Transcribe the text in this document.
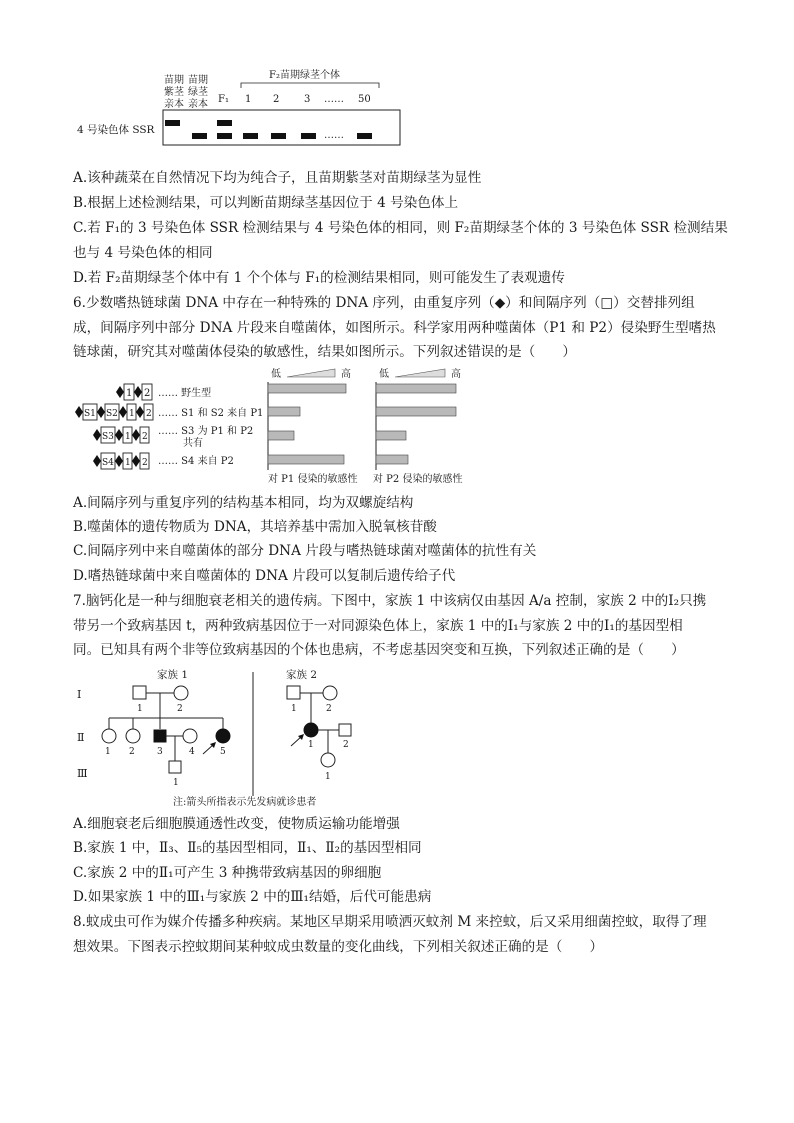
苗期
紫茎
亲本
苗期
绿茎
亲本 F₁
F₂苗期绿茎个体
1 2 3 …… 50
4 号染色体 SSR	……
A.该种蔬菜在自然情况下均为纯合子，且苗期紫茎对苗期绿茎为显性
B.根据上述检测结果，可以判断苗期绿茎基因位于 4 号染色体上
C.若 F₁的 3 号染色体 SSR 检测结果与 4 号染色体的相同，则 F₂苗期绿茎个体的 3 号染色体 SSR 检测结果
也与 4 号染色体的相同
D.若 F₂苗期绿茎个体中有 1 个个体与 F₁的检测结果相同，则可能发生了表观遗传
6.少数嗜热链球菌 DNA 中存在一种特殊的 DNA 序列，由重复序列（◆）和间隔序列（□）交替排列组
成，间隔序列中部分 DNA 片段来自噬菌体，如图所示。科学家用两种噬菌体（P1 和 P2）侵染野生型嗜热
链球菌，研究其对噬菌体侵染的敏感性，结果如图所示。下列叙述错误的是（　　）
1 2 …… 野生型
S1 S2 1 2 …… S1 和 S2 来自 P1
S3 1 2 …… S3 为 P1 和 P2
共有
S4 1 2 …… S4 来自 P2
低	高
对 P1 侵染的敏感性
低	高
对 P2 侵染的敏感性
A.间隔序列与重复序列的结构基本相同，均为双螺旋结构
B.噬菌体的遗传物质为 DNA，其培养基中需加入脱氧核苷酸
C.间隔序列中来自噬菌体的部分 DNA 片段与嗜热链球菌对噬菌体的抗性有关
D.嗜热链球菌中来自噬菌体的 DNA 片段可以复制后遗传给子代
7.脑钙化是一种与细胞衰老相关的遗传病。下图中，家族 1 中该病仅由基因 A/a 控制，家族 2 中的Ⅰ₂只携
带另一个致病基因 t，两种致病基因位于一对同源染色体上，家族 1 中的Ⅰ₁与家族 2 中的Ⅰ₁的基因型相
同。已知具有两个非等位致病基因的个体也患病，不考虑基因突变和互换，下列叙述正确的是（　　）
Ⅰ
Ⅱ
Ⅲ
家族 1
1	2
1 2 3	4	5
1
家族 2
1	2
1	2
1
注:箭头所指表示先发病就诊患者
A.细胞衰老后细胞膜通透性改变，使物质运输功能增强
B.家族 1 中，Ⅱ₃、Ⅱ₅的基因型相同，Ⅱ₁、Ⅱ₂的基因型相同
C.家族 2 中的Ⅱ₁可产生 3 种携带致病基因的卵细胞
D.如果家族 1 中的Ⅲ₁与家族 2 中的Ⅲ₁结婚，后代可能患病
8.蚊成虫可作为媒介传播多种疾病。某地区早期采用喷洒灭蚊剂 M 来控蚊，后又采用细菌控蚊，取得了理
想效果。下图表示控蚊期间某种蚊成虫数量的变化曲线，下列相关叙述正确的是（　　）
